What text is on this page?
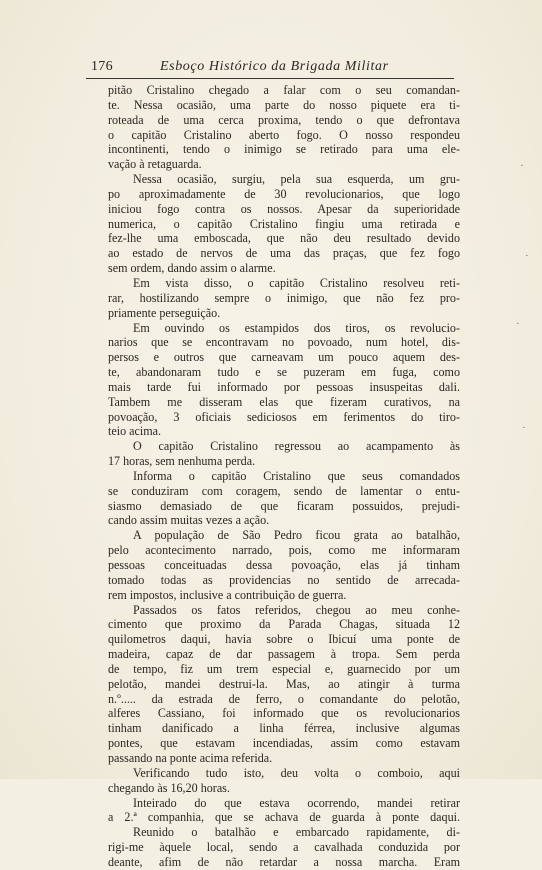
·
·
·
·
176	Esboço Histórico da Brigada Militar
pitão Cristalino chegado a falar com o seu comandan-
te. Nessa ocasião, uma parte do nosso piquete era ti-
roteada de uma cerca proxima, tendo o que defrontava
o capitão Cristalino aberto fogo. O nosso respondeu
incontinenti, tendo o inimigo se retirado para uma ele-
vação à retaguarda.
Nessa ocasião, surgiu, pela sua esquerda, um gru-
po aproximadamente de 30 revolucionarios, que logo
iniciou fogo contra os nossos. Apesar da superioridade
numerica, o capitão Cristalino fingiu uma retirada e
fez-lhe uma emboscada, que não deu resultado devido
ao estado de nervos de uma das praças, que fez fogo
sem ordem, dando assim o alarme.
Em vista disso, o capitão Cristalino resolveu reti-
rar, hostilizando sempre o inimigo, que não fez pro-
priamente perseguição.
Em ouvindo os estampidos dos tiros, os revolucio-
narios que se encontravam no povoado, num hotel, dis-
persos e outros que carneavam um pouco aquem des-
te, abandonaram tudo e se puzeram em fuga, como
mais tarde fui informado por pessoas insuspeitas dali.
Tambem me disseram elas que fizeram curativos, na
povoação, 3 oficiais sediciosos em ferimentos do tiro-
teio acima.
O capitão Cristalino regressou ao acampamento às
17 horas, sem nenhuma perda.
Informa o capitão Cristalino que seus comandados
se conduziram com coragem, sendo de lamentar o entu-
siasmo demasiado de que ficaram possuidos, prejudi-
cando assim muitas vezes a ação.
A população de São Pedro ficou grata ao batalhão,
pelo acontecimento narrado, pois, como me informaram
pessoas conceituadas dessa povoação, elas já tinham
tomado todas as providencias no sentido de arrecada-
rem impostos, inclusive a contribuição de guerra.
Passados os fatos referidos, chegou ao meu conhe-
cimento que proximo da Parada Chagas, situada 12
quilometros daqui, havia sobre o Ibicuí uma ponte de
madeira, capaz de dar passagem à tropa. Sem perda
de tempo, fiz um trem especial e, guarnecido por um
pelotão, mandei destrui-la. Mas, ao atingir à turma
n.º..... da estrada de ferro, o comandante do pelotão,
alferes Cassiano, foi informado que os revolucionarios
tinham danificado a linha férrea, inclusive algumas
pontes, que estavam incendiadas, assim como estavam
passando na ponte acima referida.
Verificando tudo isto, deu volta o comboio, aqui
chegando às 16,20 horas.
Inteirado do que estava ocorrendo, mandei retirar
a 2.ª companhia, que se achava de guarda à ponte daqui.
Reunido o batalhão e embarcado rapidamente, di-
rigi-me àquele local, sendo a cavalhada conduzida por
deante, afim de não retardar a nossa marcha. Eram
